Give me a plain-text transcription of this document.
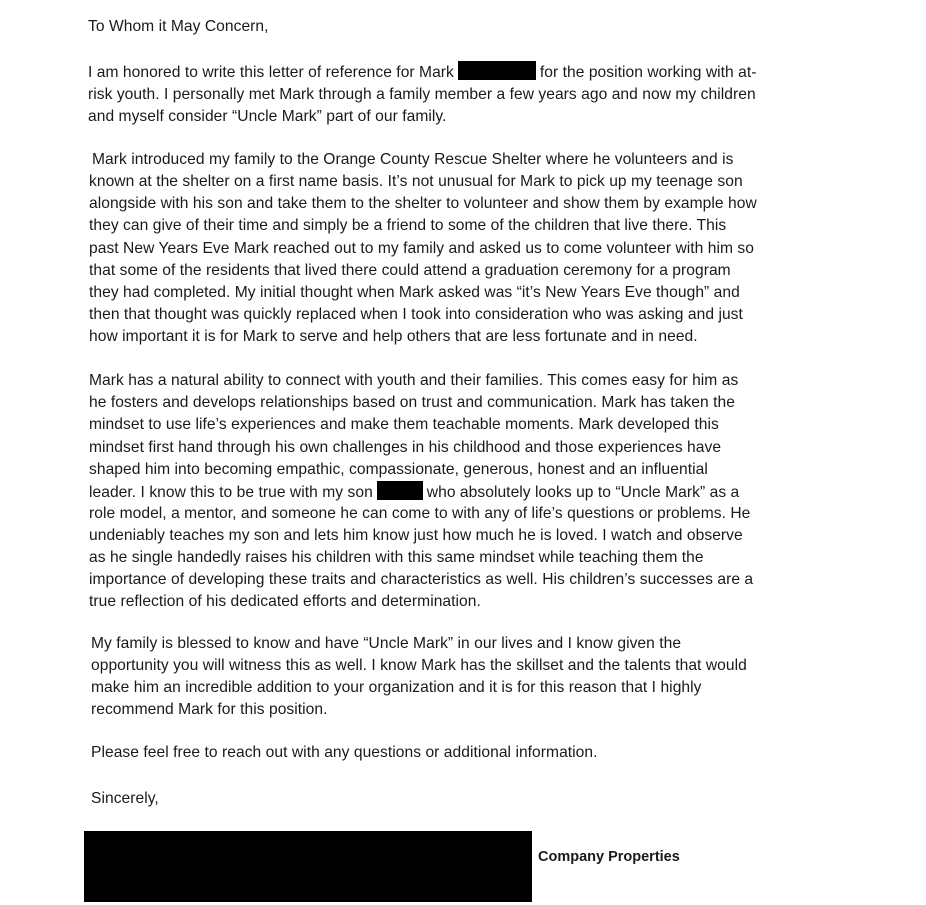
To Whom it May Concern,
I am honored to write this letter of reference for Mark	for the position working with at-
risk youth. I personally met Mark through a family member a few years ago and now my children
and myself consider “Uncle Mark” part of our family.
Mark introduced my family to the Orange County Rescue Shelter where he volunteers and is
known at the shelter on a first name basis. It’s not unusual for Mark to pick up my teenage son
alongside with his son and take them to the shelter to volunteer and show them by example how
they can give of their time and simply be a friend to some of the children that live there. This
past New Years Eve Mark reached out to my family and asked us to come volunteer with him so
that some of the residents that lived there could attend a graduation ceremony for a program
they had completed. My initial thought when Mark asked was “it’s New Years Eve though” and
then that thought was quickly replaced when I took into consideration who was asking and just
how important it is for Mark to serve and help others that are less fortunate and in need.
Mark has a natural ability to connect with youth and their families. This comes easy for him as
he fosters and develops relationships based on trust and communication. Mark has taken the
mindset to use life’s experiences and make them teachable moments. Mark developed this
mindset first hand through his own challenges in his childhood and those experiences have
shaped him into becoming empathic, compassionate, generous, honest and an influential
leader. I know this to be true with my son	who absolutely looks up to “Uncle Mark” as a
role model, a mentor, and someone he can come to with any of life’s questions or problems. He
undeniably teaches my son and lets him know just how much he is loved. I watch and observe
as he single handedly raises his children with this same mindset while teaching them the
importance of developing these traits and characteristics as well. His children’s successes are a
true reflection of his dedicated efforts and determination.
My family is blessed to know and have “Uncle Mark” in our lives and I know given the
opportunity you will witness this as well. I know Mark has the skillset and the talents that would
make him an incredible addition to your organization and it is for this reason that I highly
recommend Mark for this position.
Please feel free to reach out with any questions or additional information.
Sincerely,
Company Properties
